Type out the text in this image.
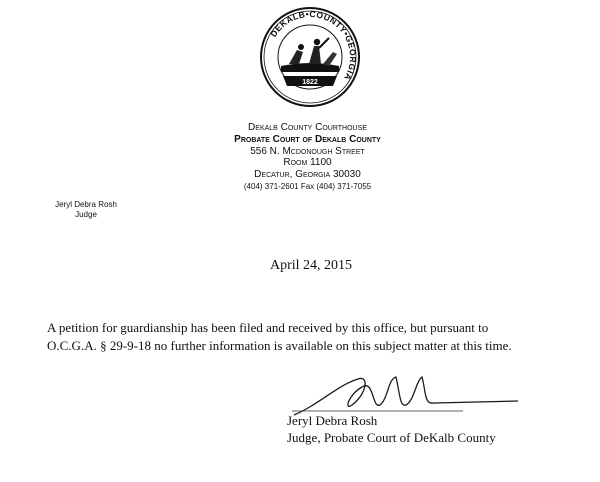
DEKALB•COUNTY•GEORGIA
1822
Dekalb County Courthouse
Probate Court of Dekalb County
556 N. Mcdonough Street
Room 1100
Decatur, Georgia 30030
(404) 371-2601 Fax (404) 371-7055
Jeryl Debra Rosh
Judge
April 24, 2015
A petition for guardianship has been filed and received by this office, but pursuant to
O.C.G.A. § 29-9-18 no further information is available on this subject matter at this time.
Jeryl Debra Rosh
Judge, Probate Court of DeKalb County
